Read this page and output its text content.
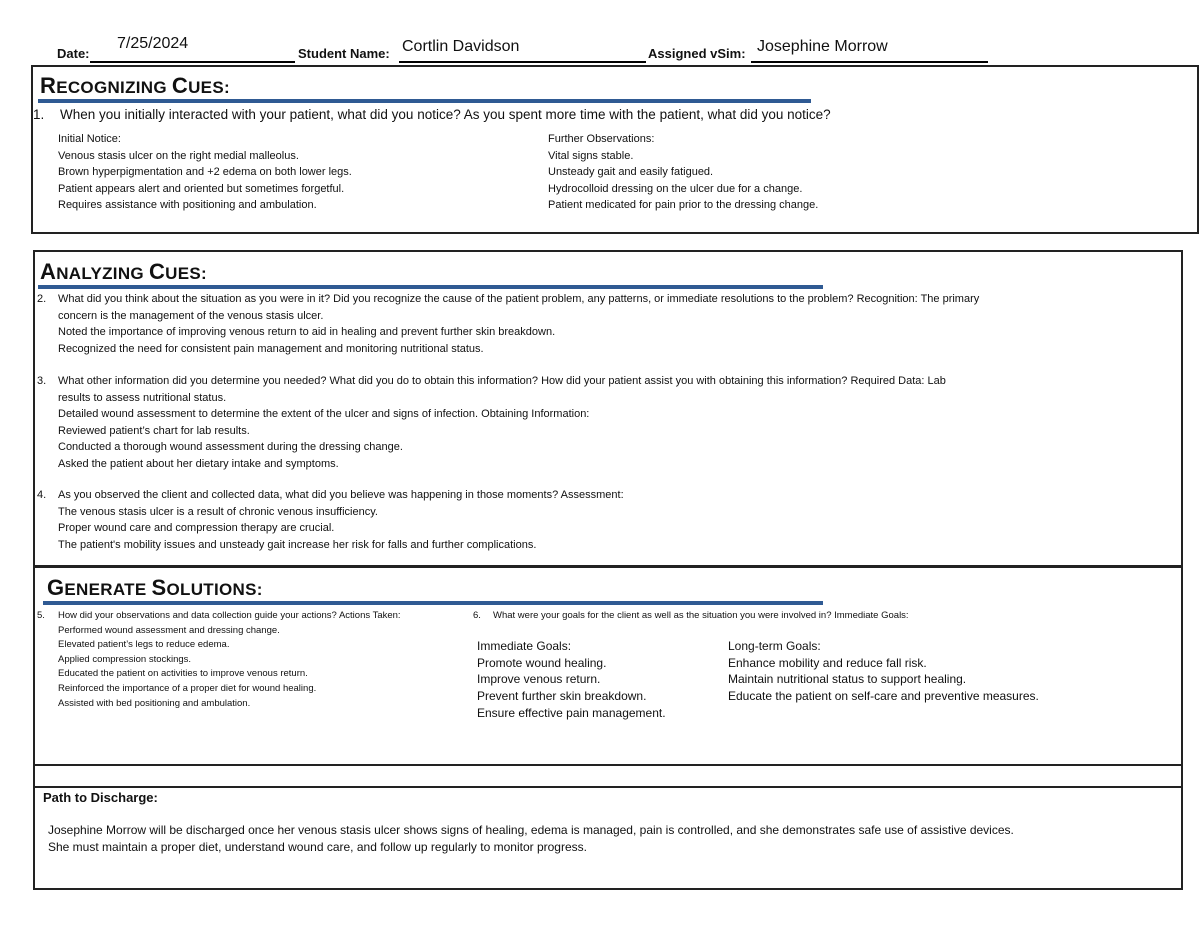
Date:
7/25/2024
Student Name: Cortlin Davidson	Assigned vSim: Josephine Morrow
RECOGNIZING CUES:
1. When you initially interacted with your patient, what did you notice? As you spent more time with the patient, what did you notice?
Initial Notice:
Venous stasis ulcer on the right medial malleolus.
Brown hyperpigmentation and +2 edema on both lower legs.
Patient appears alert and oriented but sometimes forgetful.
Requires assistance with positioning and ambulation.
Further Observations:
Vital signs stable.
Unsteady gait and easily fatigued.
Hydrocolloid dressing on the ulcer due for a change.
Patient medicated for pain prior to the dressing change.
ANALYZING CUES:
2.	What did you think about the situation as you were in it? Did you recognize the cause of the patient problem, any patterns, or immediate resolutions to the problem? Recognition: The primary
concern is the management of the venous stasis ulcer.
Noted the importance of improving venous return to aid in healing and prevent further skin breakdown.
Recognized the need for consistent pain management and monitoring nutritional status.
3.	What other information did you determine you needed? What did you do to obtain this information? How did your patient assist you with obtaining this information? Required Data: Lab
results to assess nutritional status.
Detailed wound assessment to determine the extent of the ulcer and signs of infection. Obtaining Information:
Reviewed patient’s chart for lab results.
Conducted a thorough wound assessment during the dressing change.
Asked the patient about her dietary intake and symptoms.
4.	As you observed the client and collected data, what did you believe was happening in those moments? Assessment:
The venous stasis ulcer is a result of chronic venous insufficiency.
Proper wound care and compression therapy are crucial.
The patient's mobility issues and unsteady gait increase her risk for falls and further complications.
GENERATE SOLUTIONS:
5.	How did your observations and data collection guide your actions? Actions Taken:
Performed wound assessment and dressing change.
Elevated patient’s legs to reduce edema.
Applied compression stockings.
Educated the patient on activities to improve venous return.
Reinforced the importance of a proper diet for wound healing.
Assisted with bed positioning and ambulation.
6. What were your goals for the client as well as the situation you were involved in? Immediate Goals:
Immediate Goals:
Promote wound healing.
Improve venous return.
Prevent further skin breakdown.
Ensure effective pain management.
Long-term Goals:
Enhance mobility and reduce fall risk.
Maintain nutritional status to support healing.
Educate the patient on self-care and preventive measures.
Path to Discharge:
Josephine Morrow will be discharged once her venous stasis ulcer shows signs of healing, edema is managed, pain is controlled, and she demonstrates safe use of assistive devices.
She must maintain a proper diet, understand wound care, and follow up regularly to monitor progress.
